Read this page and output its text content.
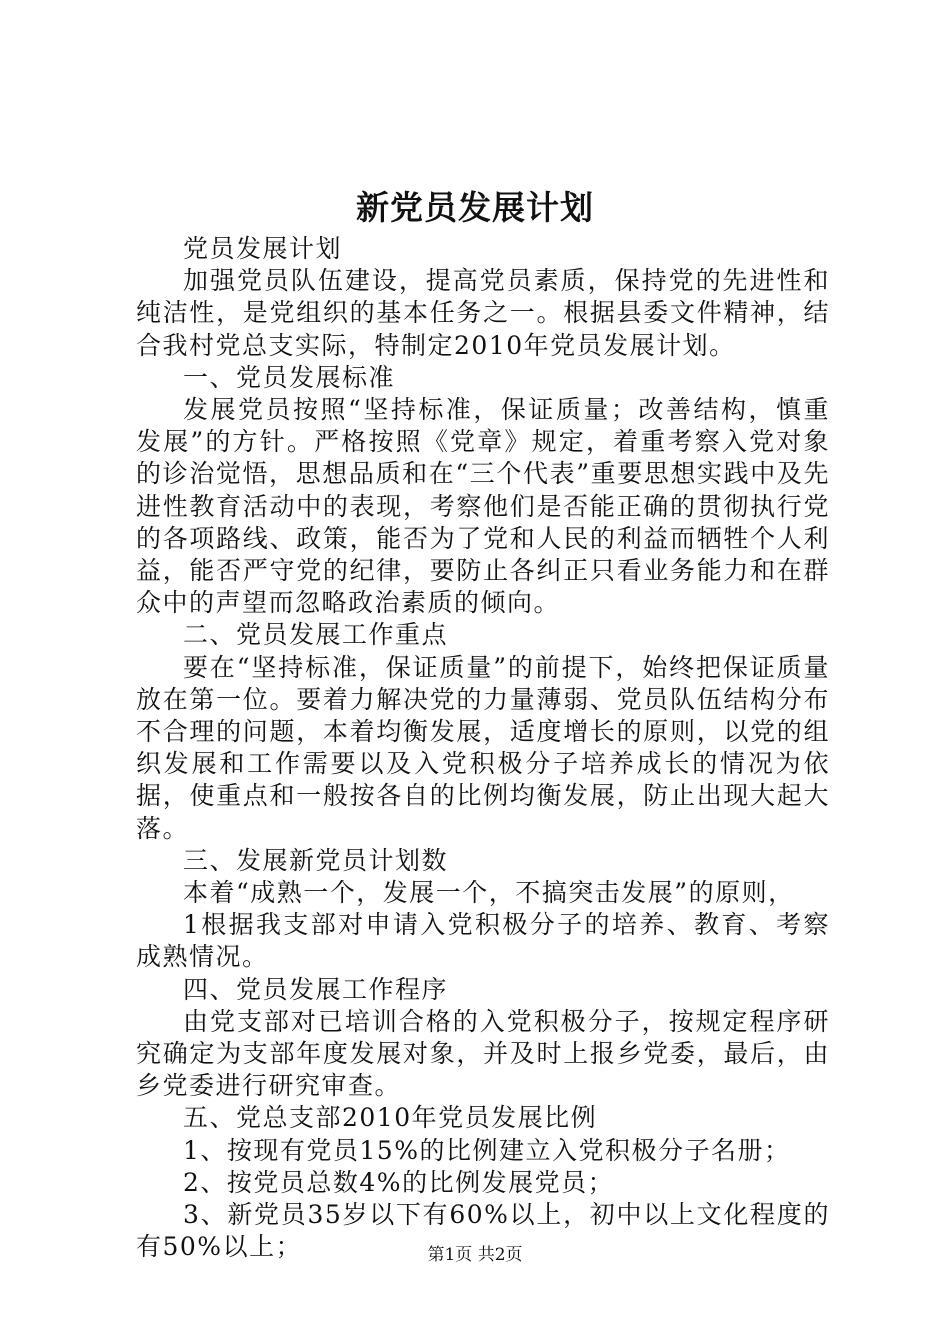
新党员发展计划

党员发展计划

加强党员队伍建设，提高党员素质，保持党的先进性和纯洁性，是党组织的基本任务之一。根据县委文件精神，结合我村党总支实际，特制定2010年党员发展计划。

一、党员发展标准

发展党员按照“坚持标准，保证质量；改善结构，慎重发展”的方针。严格按照《党章》规定，着重考察入党对象的诊治觉悟，思想品质和在“三个代表”重要思想实践中及先进性教育活动中的表现，考察他们是否能正确的贯彻执行党的各项路线、政策，能否为了党和人民的利益而牺牲个人利益，能否严守党的纪律，要防止各纠正只看业务能力和在群众中的声望而忽略政治素质的倾向。

二、党员发展工作重点

要在“坚持标准，保证质量”的前提下，始终把保证质量放在第一位。要着力解决党的力量薄弱、党员队伍结构分布不合理的问题，本着均衡发展，适度增长的原则，以党的组织发展和工作需要以及入党积极分子培养成长的情况为依据，使重点和一般按各自的比例均衡发展，防止出现大起大落。

三、发展新党员计划数

本着“成熟一个，发展一个，不搞突击发展”的原则，

1根据我支部对申请入党积极分子的培养、教育、考察成熟情况。

四、党员发展工作程序

由党支部对已培训合格的入党积极分子，按规定程序研究确定为支部年度发展对象，并及时上报乡党委，最后，由乡党委进行研究审查。

五、党总支部2010年党员发展比例

1、按现有党员15%的比例建立入党积极分子名册；

2、按党员总数4%的比例发展党员；

3、新党员35岁以下有60%以上，初中以上文化程度的有50%以上；	第1页 共2页
